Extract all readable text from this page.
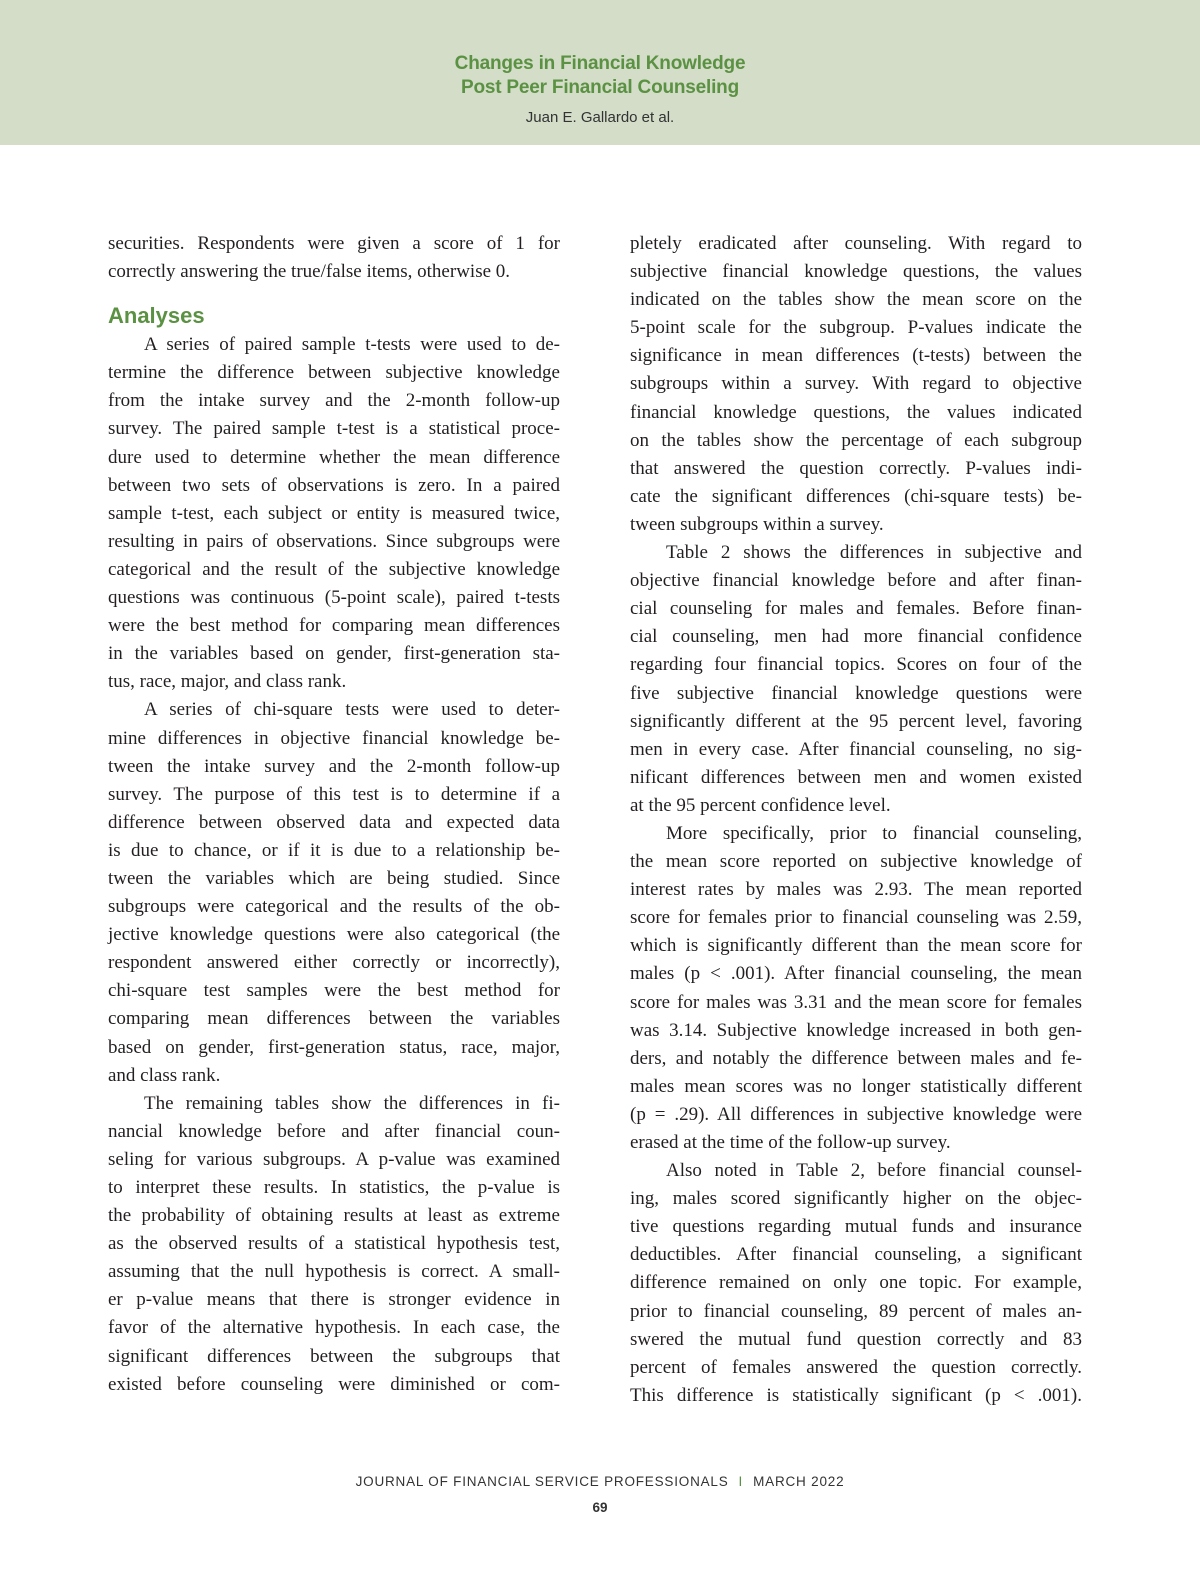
Changes in Financial Knowledge
Post Peer Financial Counseling
Juan E. Gallardo et al.
securities. Respondents were given a score of 1 for
correctly answering the true/false items, otherwise 0.
Analyses
A series of paired sample t-tests were used to de-
termine the difference between subjective knowledge
from the intake survey and the 2-month follow-up
survey. The paired sample t-test is a statistical proce-
dure used to determine whether the mean difference
between two sets of observations is zero. In a paired
sample t-test, each subject or entity is measured twice,
resulting in pairs of observations. Since subgroups were
categorical and the result of the subjective knowledge
questions was continuous (5-point scale), paired t-tests
were the best method for comparing mean differences
in the variables based on gender, first-generation sta-
tus, race, major, and class rank.
A series of chi-square tests were used to deter-
mine differences in objective financial knowledge be-
tween the intake survey and the 2-month follow-up
survey. The purpose of this test is to determine if a
difference between observed data and expected data
is due to chance, or if it is due to a relationship be-
tween the variables which are being studied. Since
subgroups were categorical and the results of the ob-
jective knowledge questions were also categorical (the
respondent answered either correctly or incorrectly),
chi-square test samples were the best method for
comparing mean differences between the variables
based on gender, first-generation status, race, major,
and class rank.
The remaining tables show the differences in fi-
nancial knowledge before and after financial coun-
seling for various subgroups. A p-value was examined
to interpret these results. In statistics, the p-value is
the probability of obtaining results at least as extreme
as the observed results of a statistical hypothesis test,
assuming that the null hypothesis is correct. A small-
er p-value means that there is stronger evidence in
favor of the alternative hypothesis. In each case, the
significant differences between the subgroups that
existed before counseling were diminished or com-
pletely eradicated after counseling. With regard to
subjective financial knowledge questions, the values
indicated on the tables show the mean score on the
5-point scale for the subgroup. P-values indicate the
significance in mean differences (t-tests) between the
subgroups within a survey. With regard to objective
financial knowledge questions, the values indicated
on the tables show the percentage of each subgroup
that answered the question correctly. P-values indi-
cate the significant differences (chi-square tests) be-
tween subgroups within a survey.
Table 2 shows the differences in subjective and
objective financial knowledge before and after finan-
cial counseling for males and females. Before finan-
cial counseling, men had more financial confidence
regarding four financial topics. Scores on four of the
five subjective financial knowledge questions were
significantly different at the 95 percent level, favoring
men in every case. After financial counseling, no sig-
nificant differences between men and women existed
at the 95 percent confidence level.
More specifically, prior to financial counseling,
the mean score reported on subjective knowledge of
interest rates by males was 2.93. The mean reported
score for females prior to financial counseling was 2.59,
which is significantly different than the mean score for
males (p < .001). After financial counseling, the mean
score for males was 3.31 and the mean score for females
was 3.14. Subjective knowledge increased in both gen-
ders, and notably the difference between males and fe-
males mean scores was no longer statistically different
(p = .29). All differences in subjective knowledge were
erased at the time of the follow-up survey.
Also noted in Table 2, before financial counsel-
ing, males scored significantly higher on the objec-
tive questions regarding mutual funds and insurance
deductibles. After financial counseling, a significant
difference remained on only one topic. For example,
prior to financial counseling, 89 percent of males an-
swered the mutual fund question correctly and 83
percent of females answered the question correctly.
This difference is statistically significant (p < .001).
JOURNAL OF FINANCIAL SERVICE PROFESSIONALS I MARCH 2022
69
